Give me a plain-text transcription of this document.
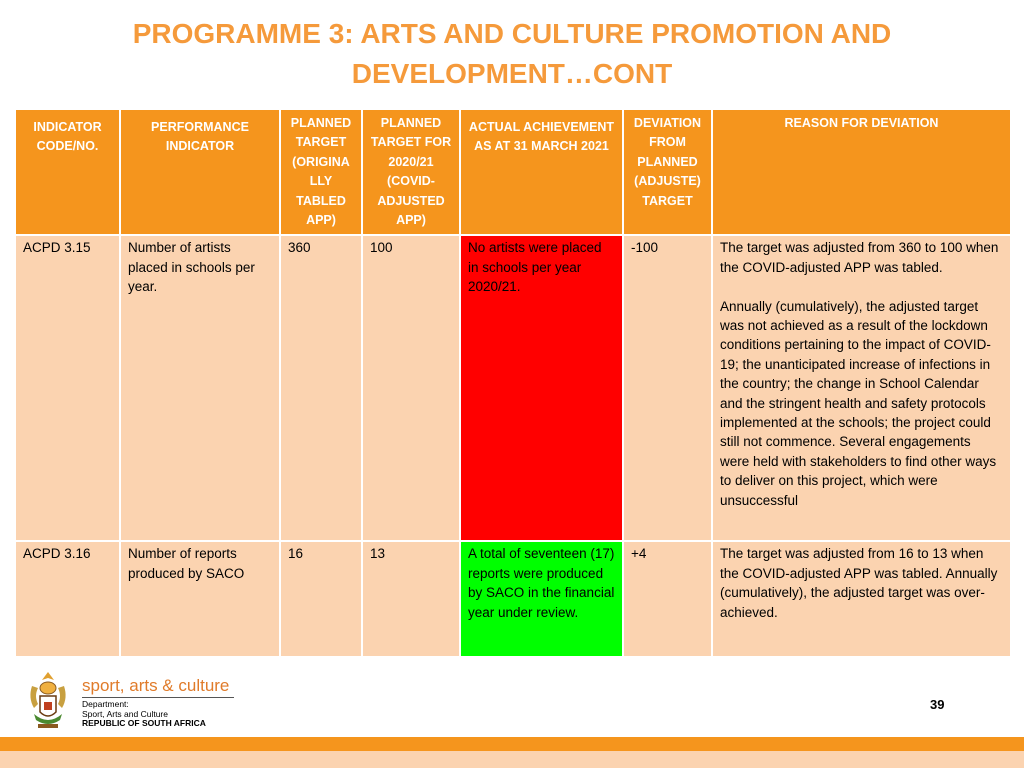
PROGRAMME 3: ARTS AND CULTURE PROMOTION AND
DEVELOPMENT…CONT
INDICATOR CODE/NO.	PERFORMANCE INDICATOR	PLANNED TARGET (ORIGINA LLY TABLED APP)	PLANNED TARGET FOR 2020/21 (COVID-ADJUSTED APP)	ACTUAL ACHIEVEMENT AS AT 31 MARCH 2021	DEVIATION FROM PLANNED (ADJUSTE) TARGET	REASON FOR DEVIATION
ACPD 3.15	Number of artists placed in schools per year.	360	100	No artists were placed in schools per year 2020/21.	-100	The target was adjusted from 360 to 100 when the COVID-adjusted APP was tabled.
Annually (cumulatively), the adjusted target was not achieved as a result of the lockdown conditions pertaining to the impact of COVID-19; the unanticipated increase of infections in the country; the change in School Calendar and the stringent health and safety protocols implemented at the schools; the project could still not commence. Several engagements were held with stakeholders to find other ways to deliver on this project, which were unsuccessful

ACPD 3.16	Number of reports produced by SACO	16	13	A total of seventeen (17) reports were produced by SACO in the financial year under review.	+4	The target was adjusted from 16 to 13 when the COVID-adjusted APP was tabled. Annually (cumulatively), the adjusted target was over-achieved.
sport, arts & culture
Department:
Sport, Arts and Culture
REPUBLIC OF SOUTH AFRICA
39
